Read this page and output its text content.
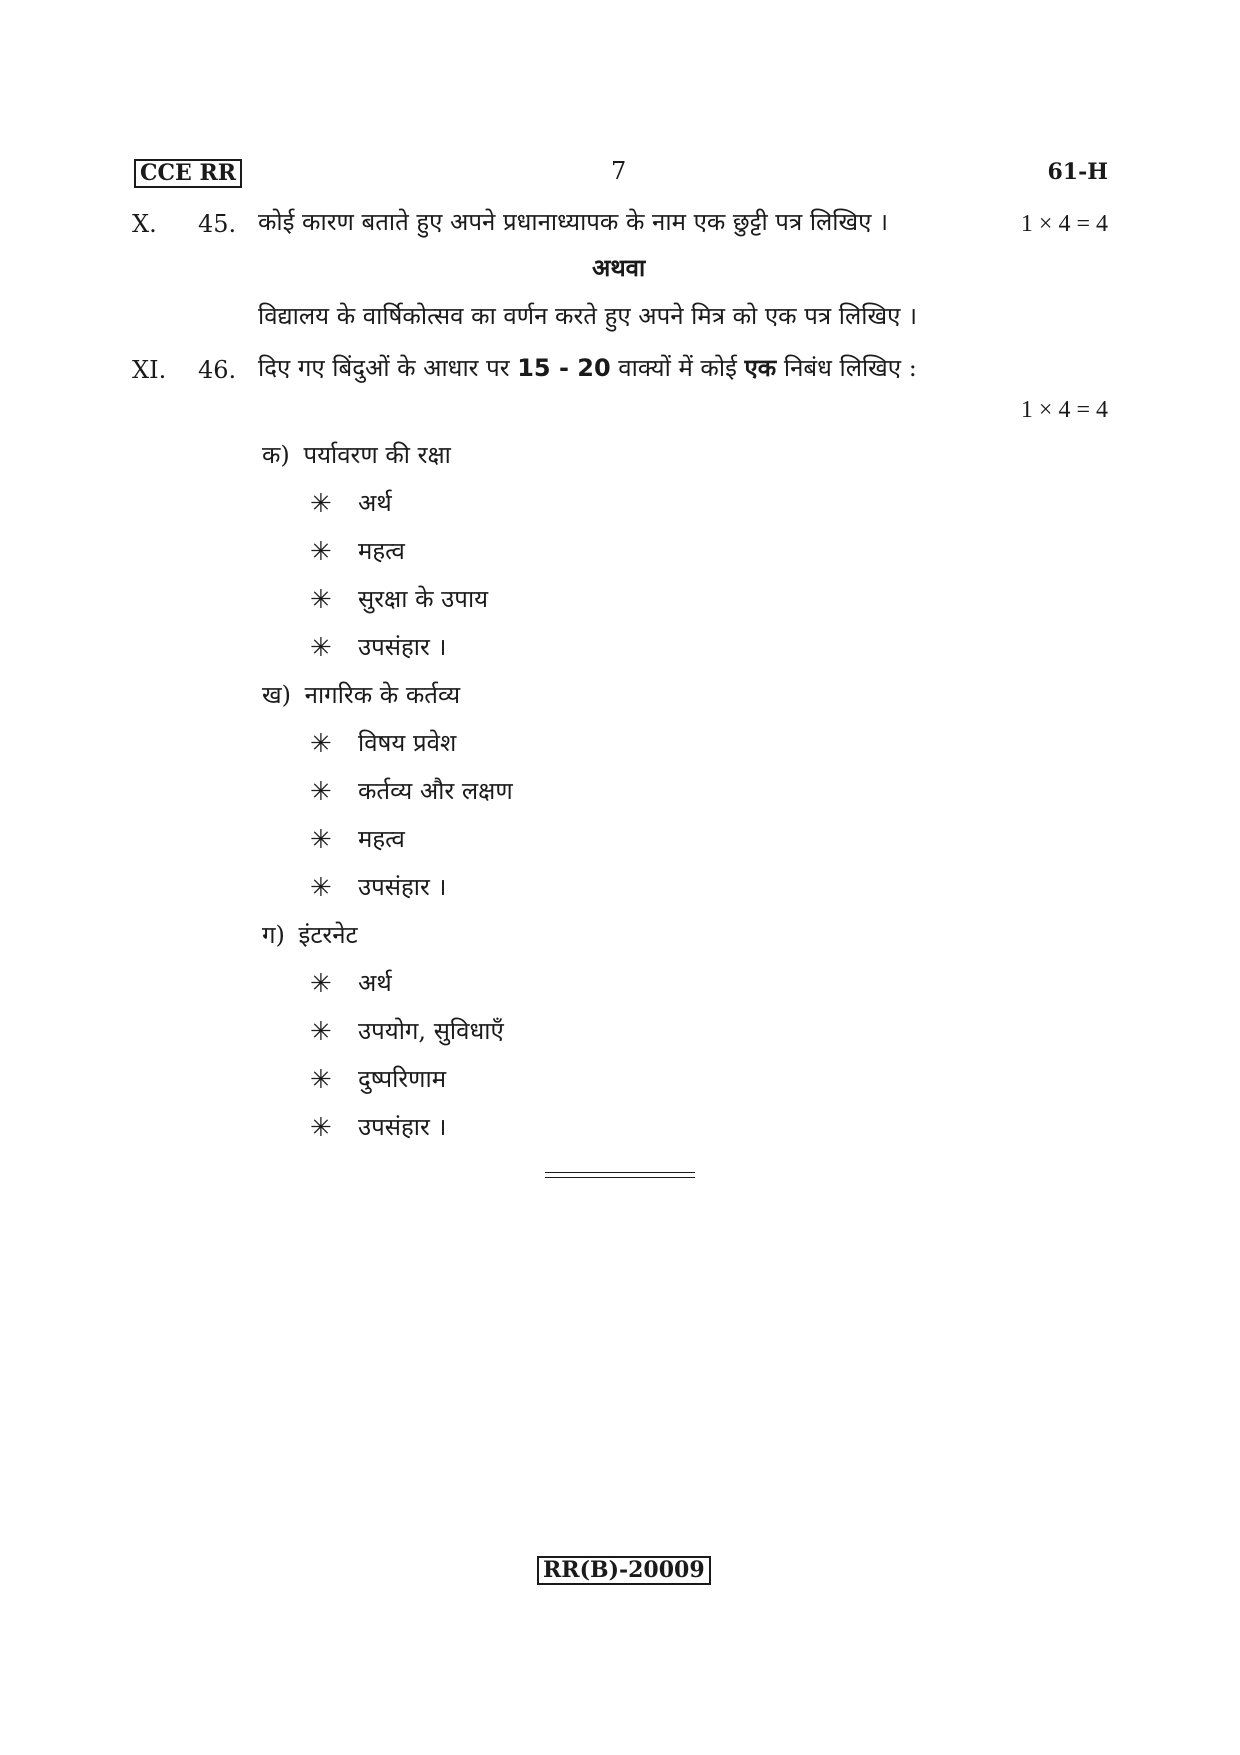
CCE RR	7	61-H
X. 45. कोई कारण बताते हुए अपने प्रधानाध्यापक के नाम एक छुट्टी पत्र लिखिए ।	1 × 4 = 4
अथवा
विद्यालय के वार्षिकोत्सव का वर्णन करते हुए अपने मित्र को एक पत्र लिखिए ।
XI. 46. दिए गए बिंदुओं के आधार पर 15 - 20 वाक्यों में कोई एक निबंध लिखिए :
1 × 4 = 4
क) पर्यावरण की रक्षा
✳ अर्थ
✳ महत्व
✳ सुरक्षा के उपाय
✳ उपसंहार ।
ख) नागरिक के कर्तव्य
✳ विषय प्रवेश
✳ कर्तव्य और लक्षण
✳ महत्व
✳ उपसंहार ।
ग) इंटरनेट
✳ अर्थ
✳ उपयोग, सुविधाएँ
✳ दुष्परिणाम
✳ उपसंहार ।
RR(B)-20009
